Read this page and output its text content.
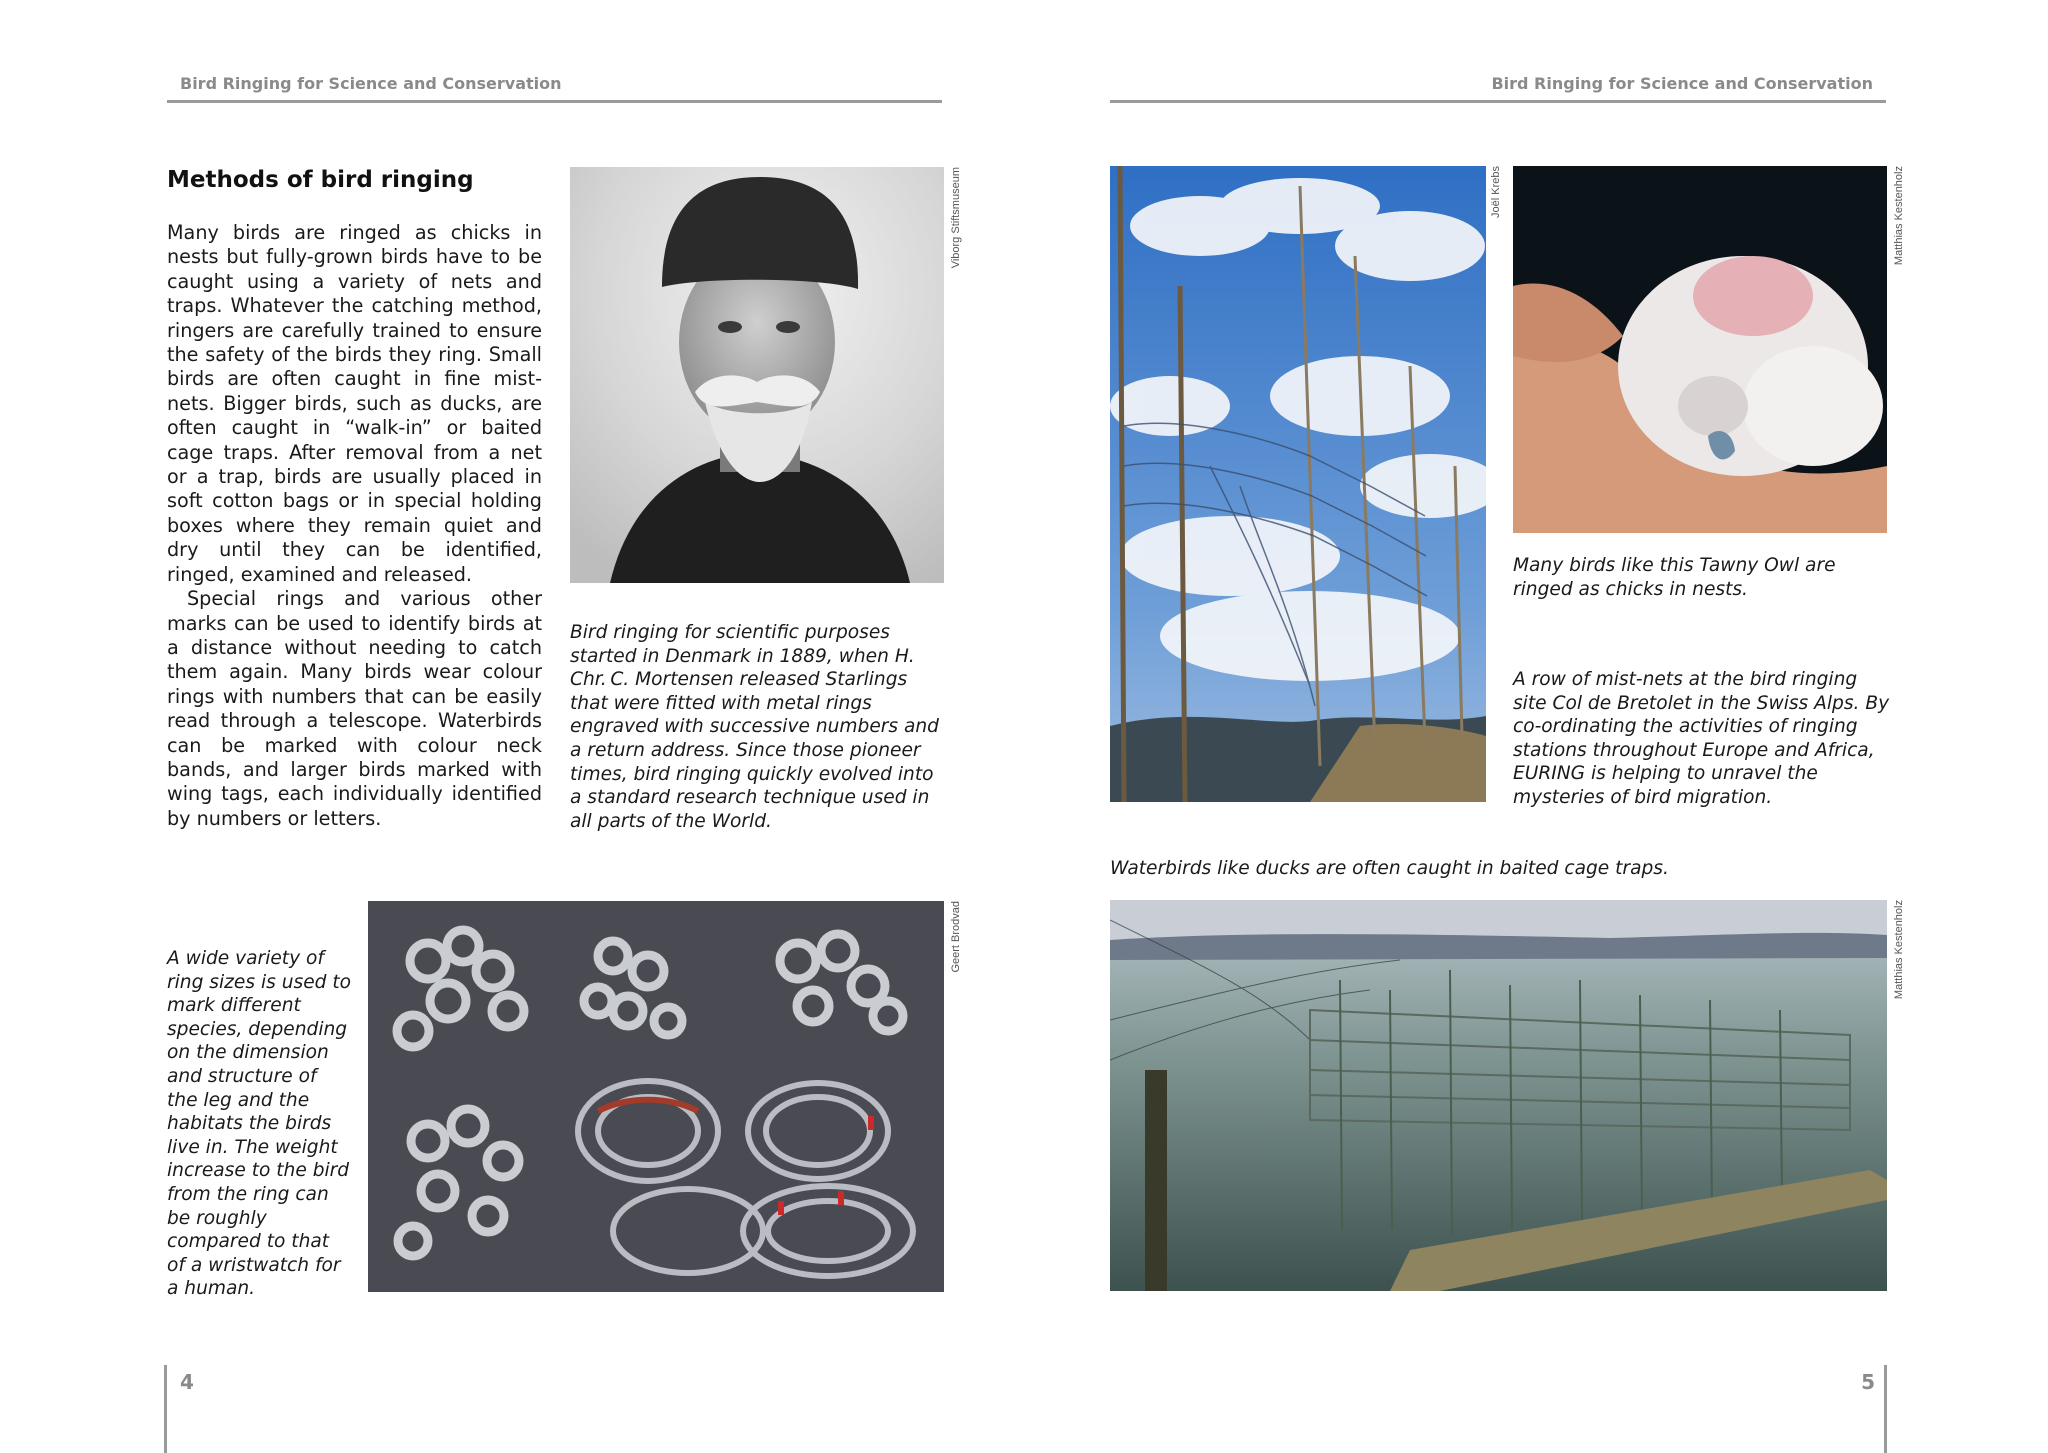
Bird Ringing for Science and Conservation
Methods of bird ringing

Many birds are ringed as chicks in nests but fully-grown birds have to be caught using a variety of nets and traps. Whatever the catching method, ringers are carefully trained to ensure the safety of the birds they ring. Small birds are often caught in fine mist-nets. Bigger birds, such as ducks, are often caught in “walk-in” or baited cage traps. After removal from a net or a trap, birds are usually placed in soft cotton bags or in special holding boxes where they remain quiet and dry until they can be identified, ringed, examined and released.

Special rings and various other marks can be used to identify birds at a distance without needing to catch them again. Many birds wear colour rings with numbers that can be easily read through a telescope. Waterbirds can be marked with colour neck bands, and larger birds marked with wing tags, each individually identified by numbers or letters.

Viborg Stiftsmuseum
Bird ringing for scientific purposes started in Denmark in 1889, when H. Chr. C. Mortensen released Starlings that were fitted with metal rings engraved with successive numbers and a return address. Since those pioneer times, bird ringing quickly evolved into a standard research technique used in all parts of the World.
A wide variety of ring sizes is used to mark different species, depending on the dimension and structure of the leg and the habitats the birds live in. The weight increase to the bird from the ring can be roughly compared to that of a wristwatch for a human.
Geert Brodvad
4
Bird Ringing for Science and Conservation
Joël Krebs	Matthias Kestenholz
Many birds like this Tawny Owl are ringed as chicks in nests.
A row of mist-nets at the bird ringing site Col de Bretolet in the Swiss Alps. By co-ordinating the activities of ringing stations throughout Europe and Africa, EURING is helping to unravel the mysteries of bird migration.
Waterbirds like ducks are often caught in baited cage traps.
Matthias Kestenholz
5
